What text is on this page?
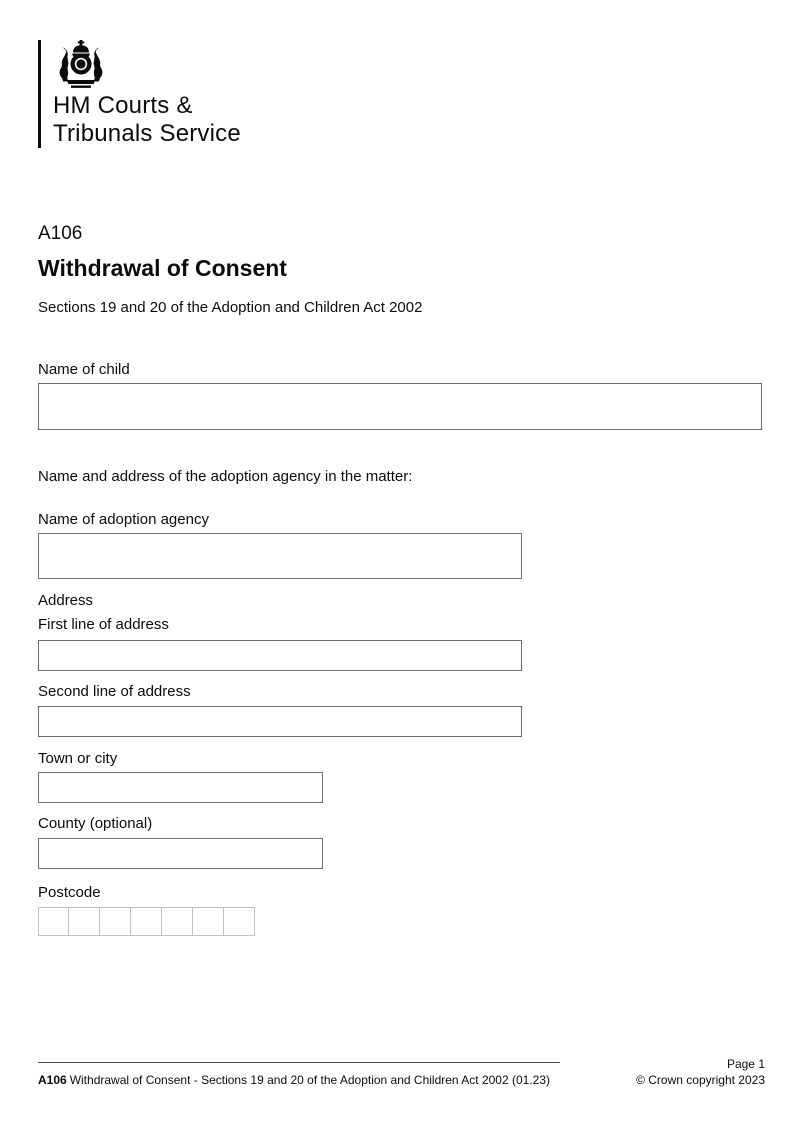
HM Courts &
Tribunals Service
A106
Withdrawal of Consent
Sections 19 and 20 of the Adoption and Children Act 2002
Name of child
Name and address of the adoption agency in the matter:
Name of adoption agency
Address
First line of address
Second line of address
Town or city
County (optional)
Postcode
A106 Withdrawal of Consent - Sections 19 and 20 of the Adoption and Children Act 2002 (01.23)
Page 1
© Crown copyright 2023
